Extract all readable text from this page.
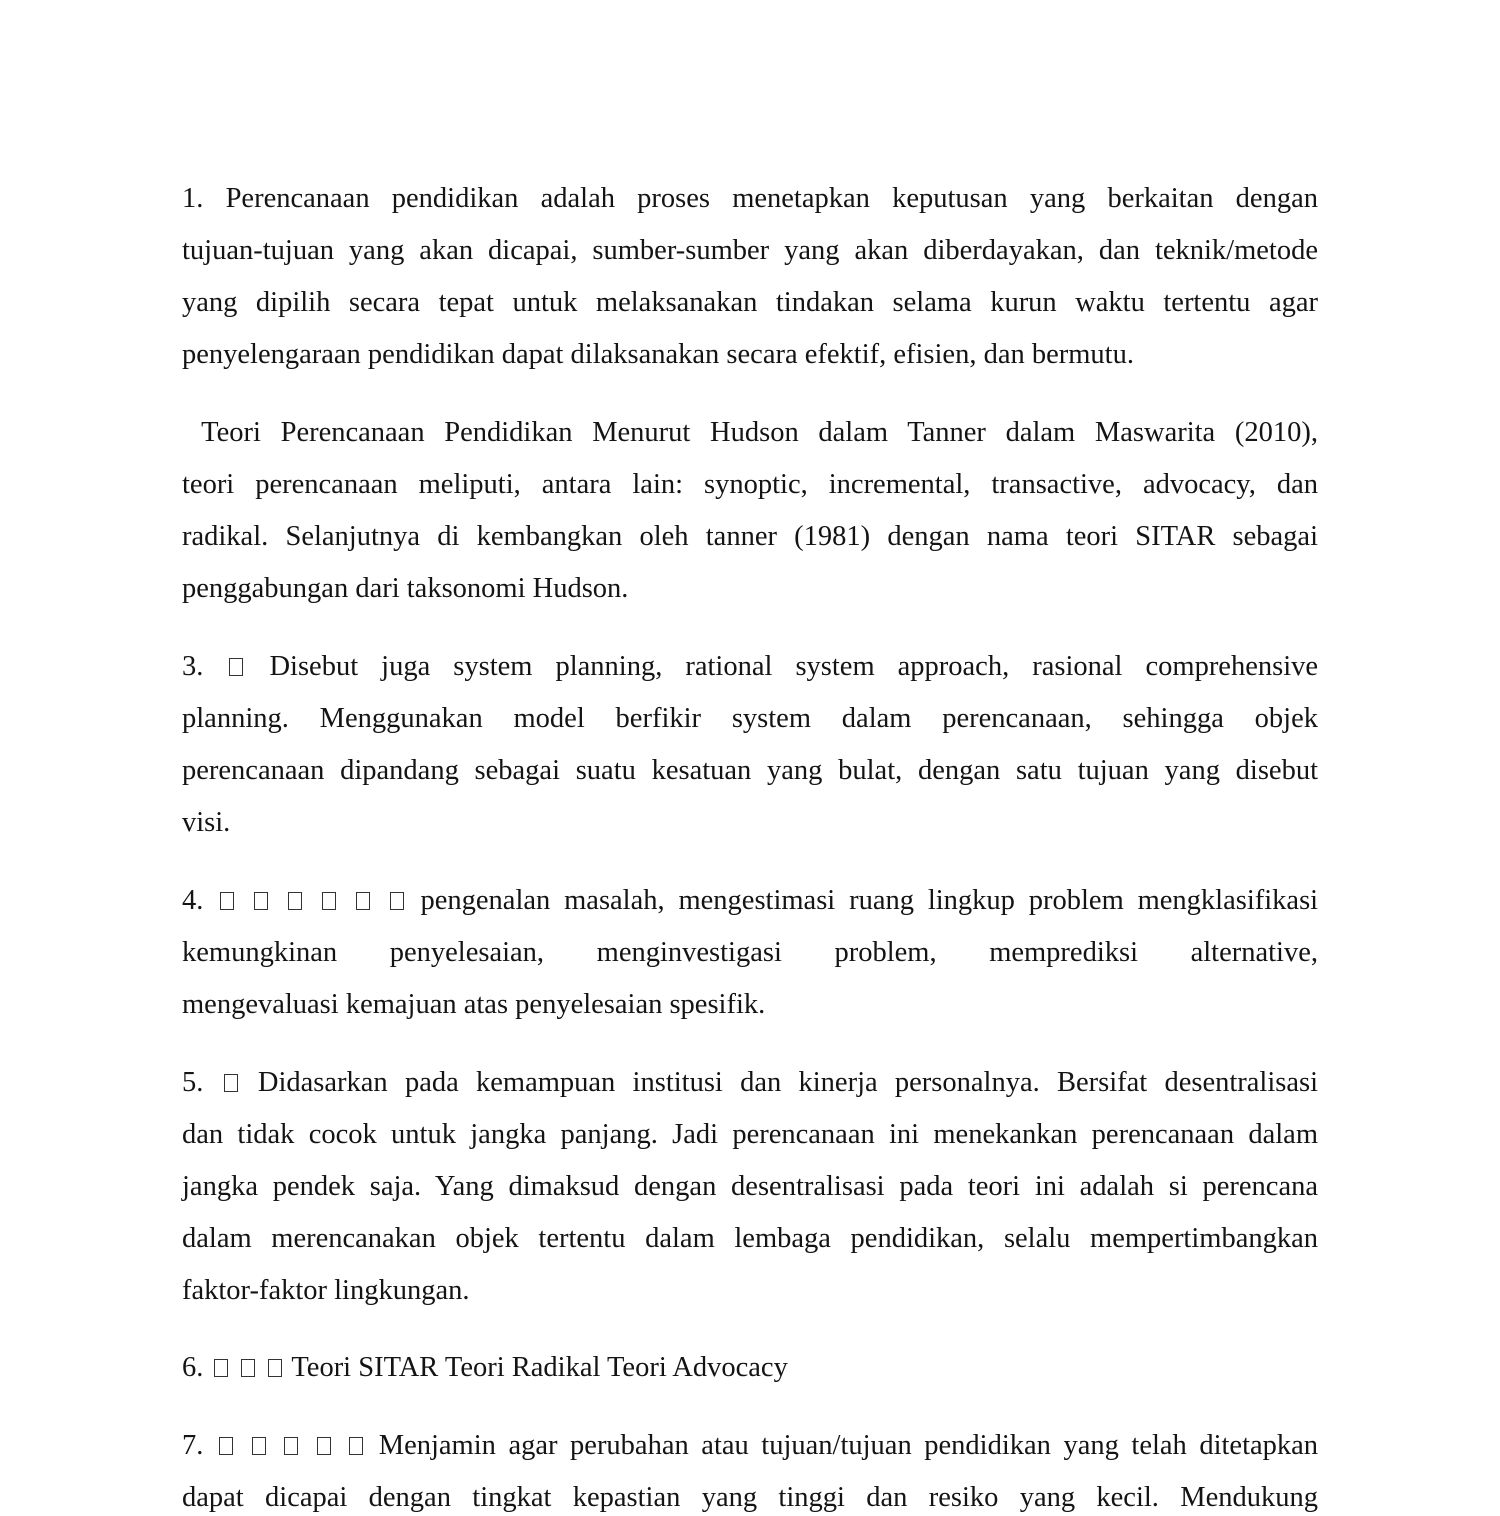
1. Perencanaan pendidikan adalah proses menetapkan keputusan yang berkaitan dengan
tujuan-tujuan yang akan dicapai, sumber-sumber yang akan diberdayakan, dan teknik/metode
yang dipilih secara tepat untuk melaksanakan tindakan selama kurun waktu tertentu agar
penyelengaraan pendidikan dapat dilaksanakan secara efektif, efisien, dan bermutu.
Teori Perencanaan Pendidikan Menurut Hudson dalam Tanner dalam Maswarita (2010),
teori perencanaan meliputi, antara lain: synoptic, incremental, transactive, advocacy, dan
radikal. Selanjutnya di kembangkan oleh tanner (1981) dengan nama teori SITAR sebagai
penggabungan dari taksonomi Hudson.
3. Disebut juga system planning, rational system approach, rasional comprehensive
planning. Menggunakan model berfikir system dalam perencanaan, sehingga objek
perencanaan dipandang sebagai suatu kesatuan yang bulat, dengan satu tujuan yang disebut
visi.
4.	pengenalan masalah, mengestimasi ruang lingkup problem mengklasifikasi
kemungkinan penyelesaian, menginvestigasi problem, memprediksi alternative,
mengevaluasi kemajuan atas penyelesaian spesifik.
5. Didasarkan pada kemampuan institusi dan kinerja personalnya. Bersifat desentralisasi
dan tidak cocok untuk jangka panjang. Jadi perencanaan ini menekankan perencanaan dalam
jangka pendek saja. Yang dimaksud dengan desentralisasi pada teori ini adalah si perencana
dalam merencanakan objek tertentu dalam lembaga pendidikan, selalu mempertimbangkan
faktor-faktor lingkungan.
6.	Teori SITAR Teori Radikal Teori Advocacy
7.	Menjamin agar perubahan atau tujuan/tujuan pendidikan yang telah ditetapkan
dapat dicapai dengan tingkat kepastian yang tinggi dan resiko yang kecil. Mendukung
